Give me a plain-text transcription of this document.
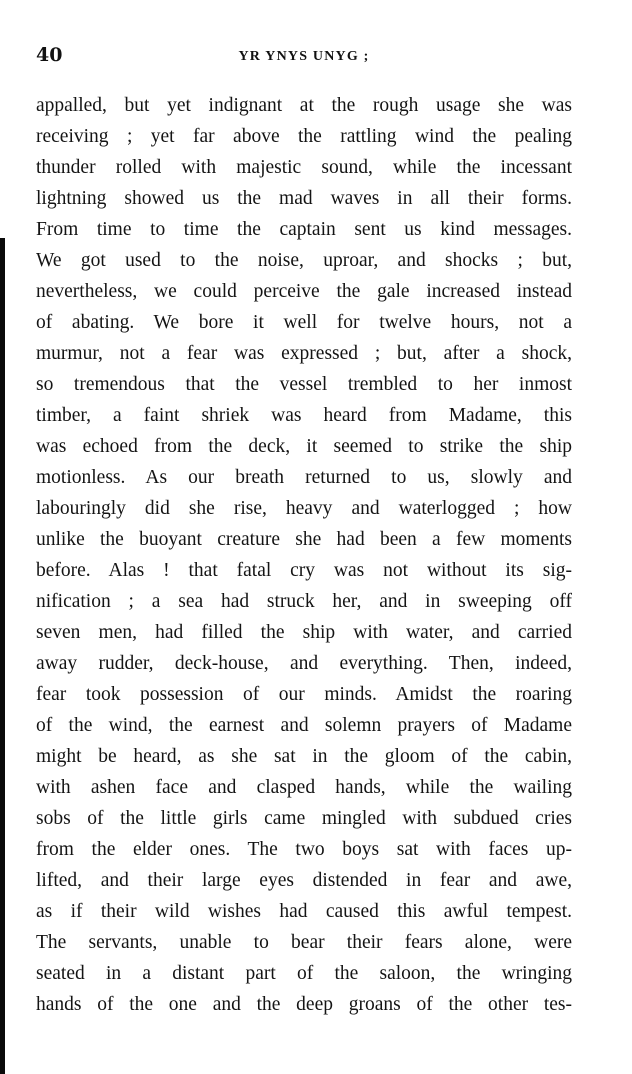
40	YR YNYS UNYG ;
appalled, but yet indignant at the rough usage she was
receiving ; yet far above the rattling wind the pealing
thunder rolled with majestic sound, while the incessant
lightning showed us the mad waves in all their forms.
From time to time the captain sent us kind messages.
We got used to the noise, uproar, and shocks ; but,
nevertheless, we could perceive the gale increased instead
of abating. We bore it well for twelve hours, not a
murmur, not a fear was expressed ; but, after a shock,
so tremendous that the vessel trembled to her inmost
timber, a faint shriek was heard from Madame, this
was echoed from the deck, it seemed to strike the ship
motionless. As our breath returned to us, slowly and
labouringly did she rise, heavy and waterlogged ; how
unlike the buoyant creature she had been a few moments
before. Alas ! that fatal cry was not without its sig-
nification ; a sea had struck her, and in sweeping off
seven men, had filled the ship with water, and carried
away rudder, deck-house, and everything. Then, indeed,
fear took possession of our minds. Amidst the roaring
of the wind, the earnest and solemn prayers of Madame
might be heard, as she sat in the gloom of the cabin,
with ashen face and clasped hands, while the wailing
sobs of the little girls came mingled with subdued cries
from the elder ones. The two boys sat with faces up-
lifted, and their large eyes distended in fear and awe,
as if their wild wishes had caused this awful tempest.
The servants, unable to bear their fears alone, were
seated in a distant part of the saloon, the wringing
hands of the one and the deep groans of the other tes-
